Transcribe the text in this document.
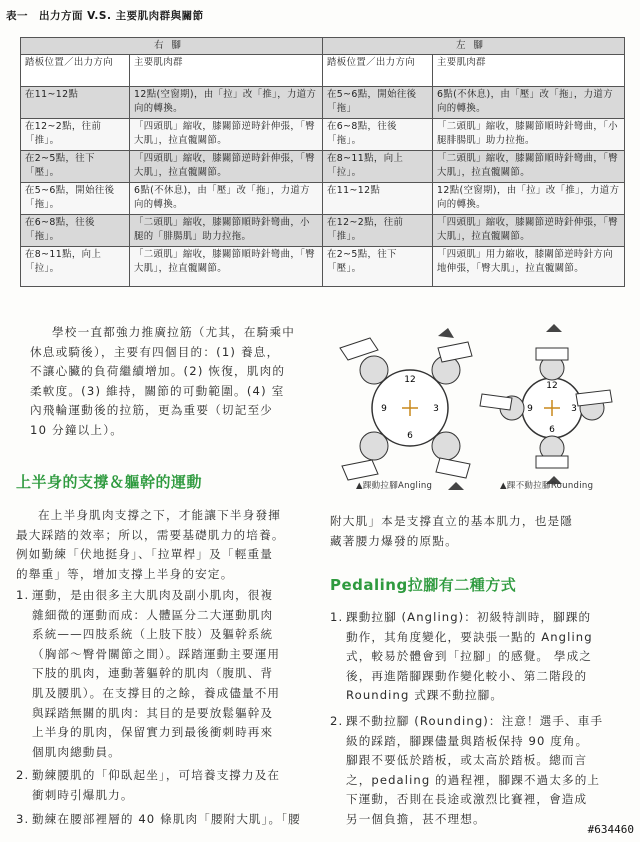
表一　出力方面 V.S. 主要肌肉群與關節
右腳		左腳	
踏板位置／出力方向	主要肌肉群	踏板位置／出力方向	主要肌肉群
在11~12點	12點(空窗期)，由「拉」改「推」，力道方向的轉換。	在5~6點，開始往後「拖」	6點(不休息)，由「壓」改「拖」，力道方向的轉換。
在12~2點，往前「推」。	「四頭肌」縮收，膝關節逆時針伸張，「臀大肌」，拉直髖關節。	在6~8點，往後「拖」。	「二頭肌」縮收，膝關節順時針彎曲，「小腿腓腸肌」助力拉拖。
在2~5點，往下「壓」。	「四頭肌」縮收，膝關節逆時針伸張，「臀大肌」，拉直髖關節。	在8~11點，向上「拉」。	「二頭肌」縮收，膝關節順時針彎曲，「臀大肌」，拉直髖關節。
在5~6點，開始往後「拖」。	6點(不休息)，由「壓」改「拖」，力道方向的轉換。	在11~12點	12點(空窗期)，由「拉」改「推」，力道方向的轉換。
在6~8點，往後「拖」。	「二頭肌」縮收，膝關節順時針彎曲，小腿的「腓腸肌」助力拉拖。	在12~2點，往前「推」。	「四頭肌」縮收，膝關節逆時針伸張，「臀大肌」，拉直髖關節。
在8~11點，向上「拉」。	「二頭肌」縮收，膝關節順時針彎曲，「臀大肌」，拉直髖關節。	在2~5點，往下「壓」。	「四頭肌」用力縮收，膝關節逆時針方向地伸張，「臀大肌」，拉直髖關節。
學校一直都強力推廣拉筋（尤其，在騎乘中
休息或騎後），主要有四個目的：(1) 養息，
不讓心臟的負荷繼續增加。(2) 恢復，肌肉的
柔軟度。(3) 維持，關節的可動範圍。(4) 室
內飛輪運動後的拉筋，更為重要（切記至少
10 分鐘以上）。
12
3
6
9
12
3
6
9
▲踝動拉腳Angling	▲踝不動拉腳Rounding
上半身的支撐＆軀幹的運動
在上半身肌肉支撐之下，才能讓下半身發揮
最大踩踏的效率；所以，需要基礎肌力的培養。
例如勤練「伏地挺身」、「拉單桿」及「輕重量
的舉重」等，增加支撐上半身的安定。
1. 運動，是由很多主大肌肉及副小肌肉，很複
雜細微的運動而成：人體區分二大運動肌肉
系統——四肢系統（上肢下肢）及軀幹系統
（胸部～臀骨關節之間）。踩踏運動主要運用
下肢的肌肉，連動著軀幹的肌肉（腹肌、背
肌及腰肌）。在支撐目的之餘，養成儘量不用
與踩踏無關的肌肉：其目的是要放鬆軀幹及
上半身的肌肉，保留實力到最後衝刺時再來
個肌肉總動員。
2. 勤練腰肌的「仰臥起坐」，可培養支撐力及在
衝刺時引爆肌力。
3. 勤練在腰部裡層的 40 條肌肉「腰附大肌」。「腰
附大肌」本是支撐直立的基本肌力，也是隱
藏著腰力爆發的原點。
Pedaling拉腳有二種方式
1. 踝動拉腳 (Angling)：初級特訓時，腳踝的
動作，其角度變化，要訣張一點的 Angling
式，較易於體會到「拉腳」的感覺。 學成之
後，再進階腳踝動作變化較小、第二階段的
Rounding 式踝不動拉腳。
2. 踝不動拉腳 (Rounding)：注意！選手、車手
級的踩踏，腳踝儘量與踏板保持 90 度角。
腳跟不要低於踏板，或太高於踏板。總而言
之，pedaling 的過程裡，腳踝不過太多的上
下運動，否則在長途或激烈比賽裡，會造成
另一個負擔，甚不理想。
#634460
